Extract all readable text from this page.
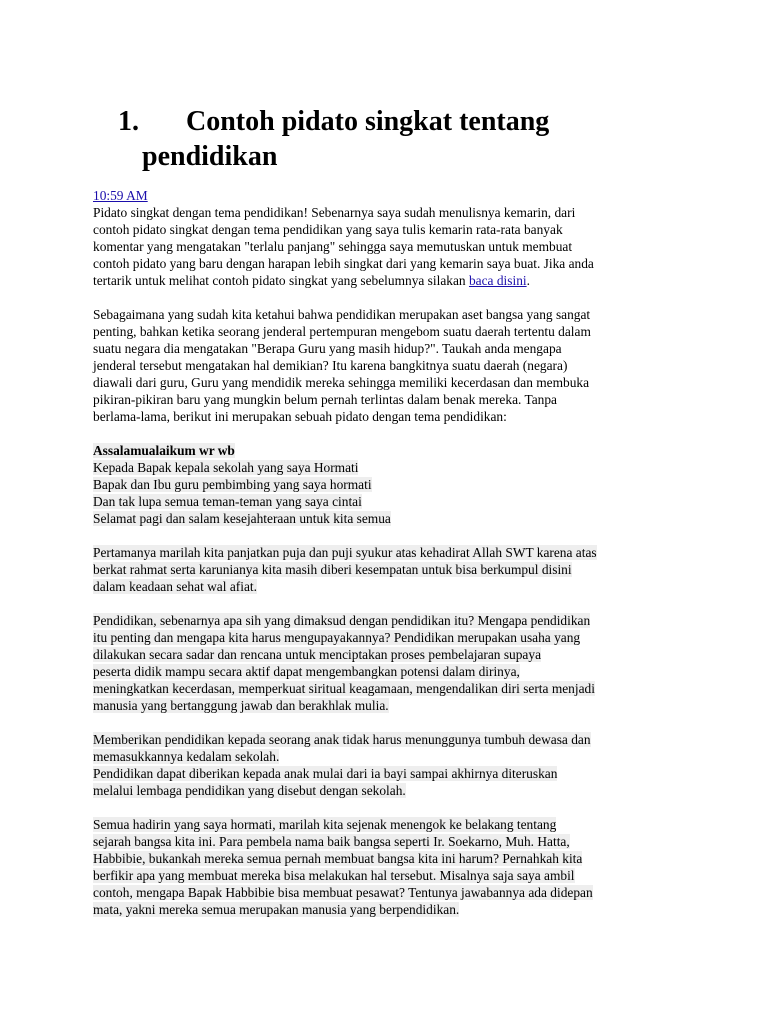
1. Contoh pidato singkat tentang
pendidikan
10:59 AM
Pidato singkat dengan tema pendidikan! Sebenarnya saya sudah menulisnya kemarin, dari
contoh pidato singkat dengan tema pendidikan yang saya tulis kemarin rata-rata banyak
komentar yang mengatakan "terlalu panjang" sehingga saya memutuskan untuk membuat
contoh pidato yang baru dengan harapan lebih singkat dari yang kemarin saya buat. Jika anda
tertarik untuk melihat contoh pidato singkat yang sebelumnya silakan baca disini.
Sebagaimana yang sudah kita ketahui bahwa pendidikan merupakan aset bangsa yang sangat
penting, bahkan ketika seorang jenderal pertempuran mengebom suatu daerah tertentu dalam
suatu negara dia mengatakan "Berapa Guru yang masih hidup?". Taukah anda mengapa
jenderal tersebut mengatakan hal demikian? Itu karena bangkitnya suatu daerah (negara)
diawali dari guru, Guru yang mendidik mereka sehingga memiliki kecerdasan dan membuka
pikiran-pikiran baru yang mungkin belum pernah terlintas dalam benak mereka. Tanpa
berlama-lama, berikut ini merupakan sebuah pidato dengan tema pendidikan:
Assalamualaikum wr wb
Kepada Bapak kepala sekolah yang saya Hormati
Bapak dan Ibu guru pembimbing yang saya hormati
Dan tak lupa semua teman-teman yang saya cintai
Selamat pagi dan salam kesejahteraan untuk kita semua
Pertamanya marilah kita panjatkan puja dan puji syukur atas kehadirat Allah SWT karena atas
berkat rahmat serta karunianya kita masih diberi kesempatan untuk bisa berkumpul disini
dalam keadaan sehat wal afiat.
Pendidikan, sebenarnya apa sih yang dimaksud dengan pendidikan itu? Mengapa pendidikan
itu penting dan mengapa kita harus mengupayakannya? Pendidikan merupakan usaha yang
dilakukan secara sadar dan rencana untuk menciptakan proses pembelajaran supaya
peserta didik mampu secara aktif dapat mengembangkan potensi dalam dirinya,
meningkatkan kecerdasan, memperkuat siritual keagamaan, mengendalikan diri serta menjadi
manusia yang bertanggung jawab dan berakhlak mulia.
Memberikan pendidikan kepada seorang anak tidak harus menunggunya tumbuh dewasa dan
memasukkannya kedalam sekolah.
Pendidikan dapat diberikan kepada anak mulai dari ia bayi sampai akhirnya diteruskan
melalui lembaga pendidikan yang disebut dengan sekolah.
Semua hadirin yang saya hormati, marilah kita sejenak menengok ke belakang tentang
sejarah bangsa kita ini. Para pembela nama baik bangsa seperti Ir. Soekarno, Muh. Hatta,
Habbibie, bukankah mereka semua pernah membuat bangsa kita ini harum? Pernahkah kita
berfikir apa yang membuat mereka bisa melakukan hal tersebut. Misalnya saja saya ambil
contoh, mengapa Bapak Habbibie bisa membuat pesawat? Tentunya jawabannya ada didepan
mata, yakni mereka semua merupakan manusia yang berpendidikan.
